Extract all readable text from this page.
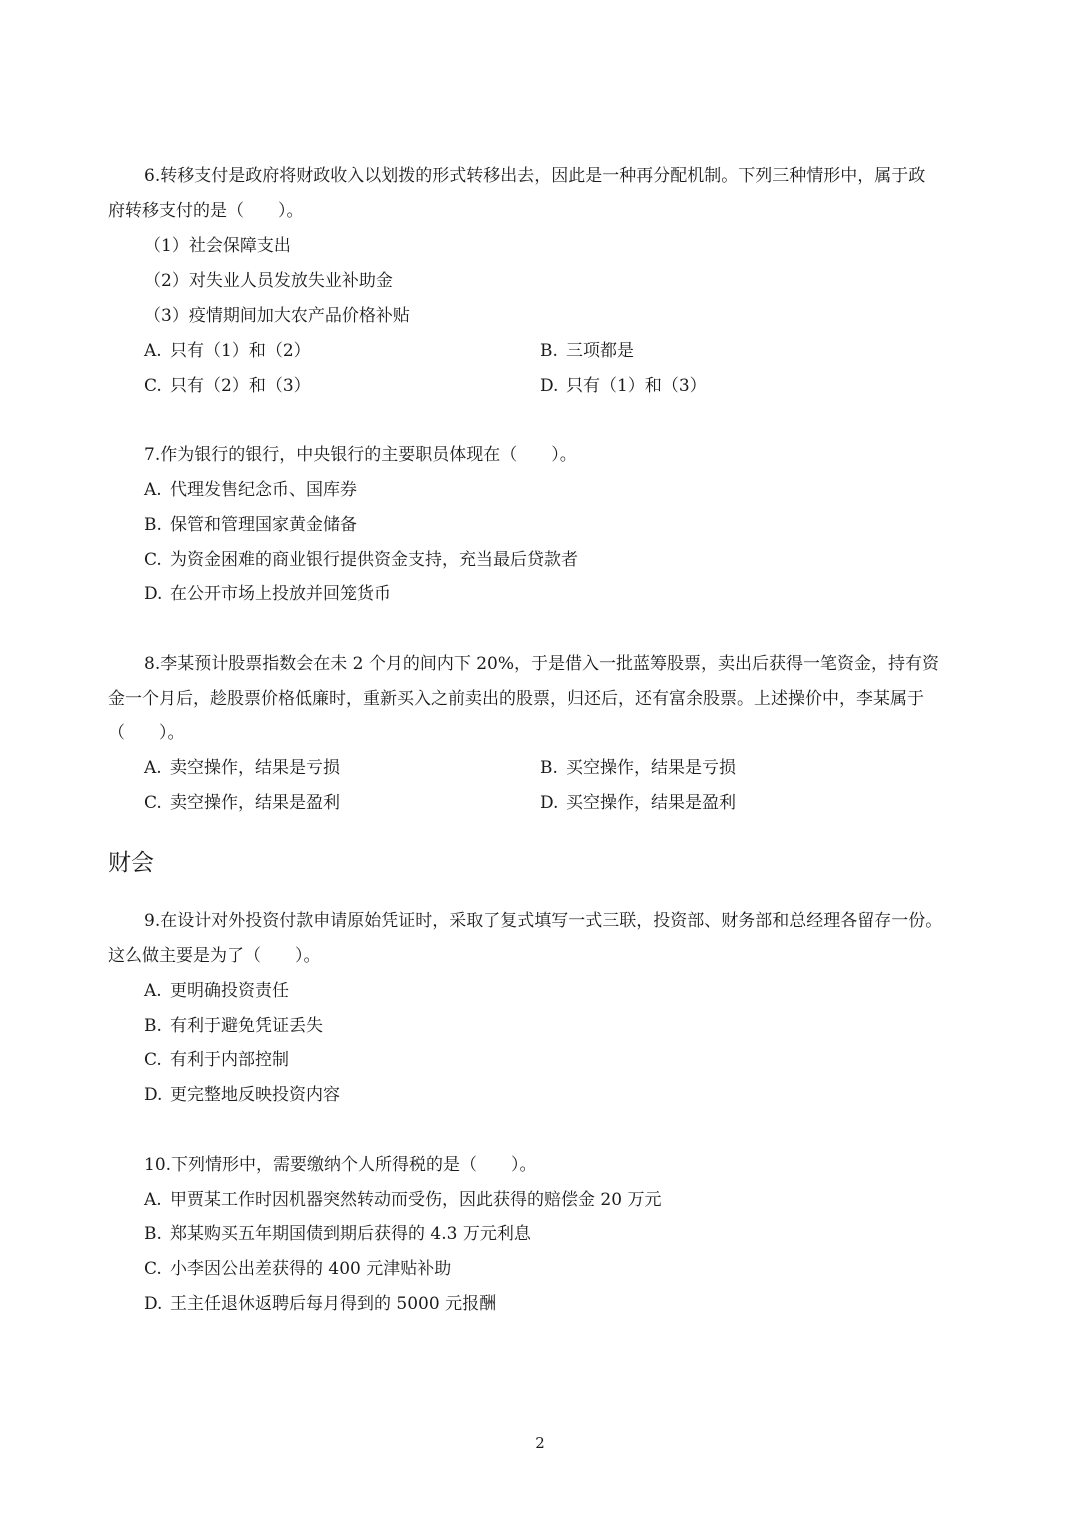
6.转移支付是政府将财政收入以划拨的形式转移出去，因此是一种再分配机制。下列三种情形中，属于政

府转移支付的是（　　）。

（1）社会保障支出

（2）对失业人员发放失业补助金

（3）疫情期间加大农产品价格补贴

A. 只有（1）和（2）	B. 三项都是

C. 只有（2）和（3）	D. 只有（1）和（3）

7.作为银行的银行，中央银行的主要职员体现在（　　）。

A. 代理发售纪念币、国库券

B. 保管和管理国家黄金储备

C. 为资金困难的商业银行提供资金支持，充当最后贷款者

D. 在公开市场上投放并回笼货币

8.李某预计股票指数会在未 2 个月的间内下 20%，于是借入一批蓝筹股票，卖出后获得一笔资金，持有资

金一个月后，趁股票价格低廉时，重新买入之前卖出的股票，归还后，还有富余股票。上述操价中，李某属于

（　　）。

A. 卖空操作，结果是亏损	B. 买空操作，结果是亏损

C. 卖空操作，结果是盈利	D. 买空操作，结果是盈利

财会

9.在设计对外投资付款申请原始凭证时，采取了复式填写一式三联，投资部、财务部和总经理各留存一份。

这么做主要是为了（　　）。

A. 更明确投资责任

B. 有利于避免凭证丢失

C. 有利于内部控制

D. 更完整地反映投资内容

10.下列情形中，需要缴纳个人所得税的是（　　）。

A. 甲贾某工作时因机器突然转动而受伤，因此获得的赔偿金 20 万元

B. 郑某购买五年期国债到期后获得的 4.3 万元利息

C. 小李因公出差获得的 400 元津贴补助

D. 王主任退休返聘后每月得到的 5000 元报酬

2
